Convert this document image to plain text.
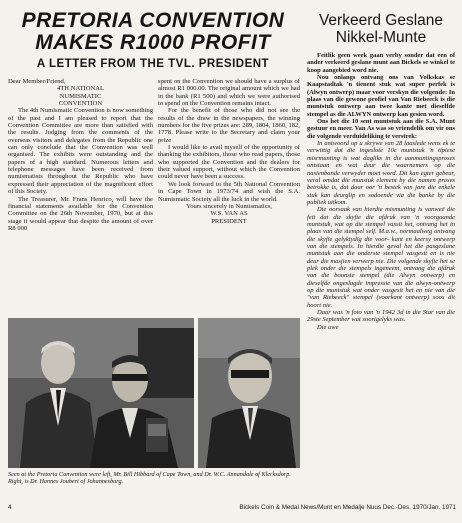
PRETORIA CONVENTION
MAKES R1000 PROFIT
A LETTER FROM THE TVL. PRESIDENT

Dear Member/Friend,

4TH NATIONAL

NUMISMATIC

CONVENTION

The 4th Numismatic Convention is now something of the past and I am pleased to report that the Convention Committee are more than satisfied with the results. Judging from the comments of the overseas visitors and delegates from the Republic one can only conclude that the Convention was well organised. The exhibits were outstanding and the papers of a high standard. Numerous letters and telephone messages have been received from numismatists throughout the Republic who have expressed their appreciation of the magnificent effort of this Society.

The Treasurer, Mr. Frans Henrico, will have the financial statements available for the Convention Committee on the 26th November, 1970, but at this stage it would appear that despite the amount of over R8 000

spent on the Convention we should have a surplus of almost R1 000.00. The original amount which we had in the bank (R1 500) and which we were authorised to spend on the Convention remains intact.

For the benefit of those who did not see the results of the draw in the newspapers, the winning numbers for the five prizes are: 289, 1804, 1860, 182, 1778. Please write to the Secretary and claim your prize

I would like to avail myself of the opportunity of thanking the exhibitors, those who read papers, those who supported the Convention and the dealers for their valued support, without which the Convention could never have been a success.

We look forward to the 5th National Convention in Cape Town in 1973/74 and wish the S.A. Numismatic Society all the luck in the world.

Yours sincerely in Numismatics,

W.S. VAN AS

PRESIDENT

Verkeerd Geslane
Nikkel-Munte

Feitlik geen week gaan verby sonder dat een of ander verkeerd geslane munt aan Bickels se winkel te koop aangebied word nie.

Nou onlangs ontvang ons van Volkskas se Kaapstadtak 'n tienent stuk wat super perfek is (Alwyn ontwerp) maar voor verskyn die volgende: In plaas van die gewone profiel van Van Riebeeck is die muntstuk ontwerp aan twee kante met dieselfde stempel as die ALWYN ontwerp kan gesien word.

Ons het die 10 sent muntstuk aan die S.A. Munt gestuur en meer. Van As was so vriendelik om vir ons die volgende verduideliking te verstrek:

In antwoord op u skrywe van 28 laaslede wens ek te verwittig dat die ingeslote 10c muntstuk 'n tipiese misrmunting is wat dagliks in die aanmuntingsproses ontstaan en wat deur die waarnemers op die nasienbande verwyder moet word. Dit kan egter gebeur, veral omdat die munstuk element by die namen proses betrokke is, dat daar oor 'n bestek van jare die enkele stuk kan deurglip en sodoende via die banke by die publiek uitkom.

Die oorsaak van hierdie mismunting is vanweë die feit dat die skyfie die afdruk van 'n voorgaande muntstuk, wat op die stempel vassit het, ontvang het in plaas van die stempel self. M.a.w., normaalweg ontvang die skyfie gelyktydig die voor- kant en keersy ontwerp van die stempels. In hierdie geval het die pasgeslane muntstuk aan die onderste stempel vasgesit en is nie deur die masjien verwerp nie. Die volgende skyfie het se plek onder die stempels ingeneem, ontvang die afdruk van die boonste stempel (die Alwyn ontwerp) en dieselfde ongeslagde impressie van die alwyn-ontwerp op die muntstuk wat onder vasgesit het en nie van die "van Riebeeck" stempel (voorkant ontwerp) soos dit hoort nie.

Daar was 'n foto van 'n 1942 3d in die Star van die 29ste September wat soortgelyks was.

Die uwe

Seen at the Pretoria Convention were left, Mr. Bill Hibbard of Cape Town, and Dr. W.C. Annandale of Klerksdorp. Right, is Dr. Hannes Joubert of Johannesburg.

4	Bickels Coin & Medal News/Munt en Medalje Nuus Dec.-Des. 1970/Jan. 1971
